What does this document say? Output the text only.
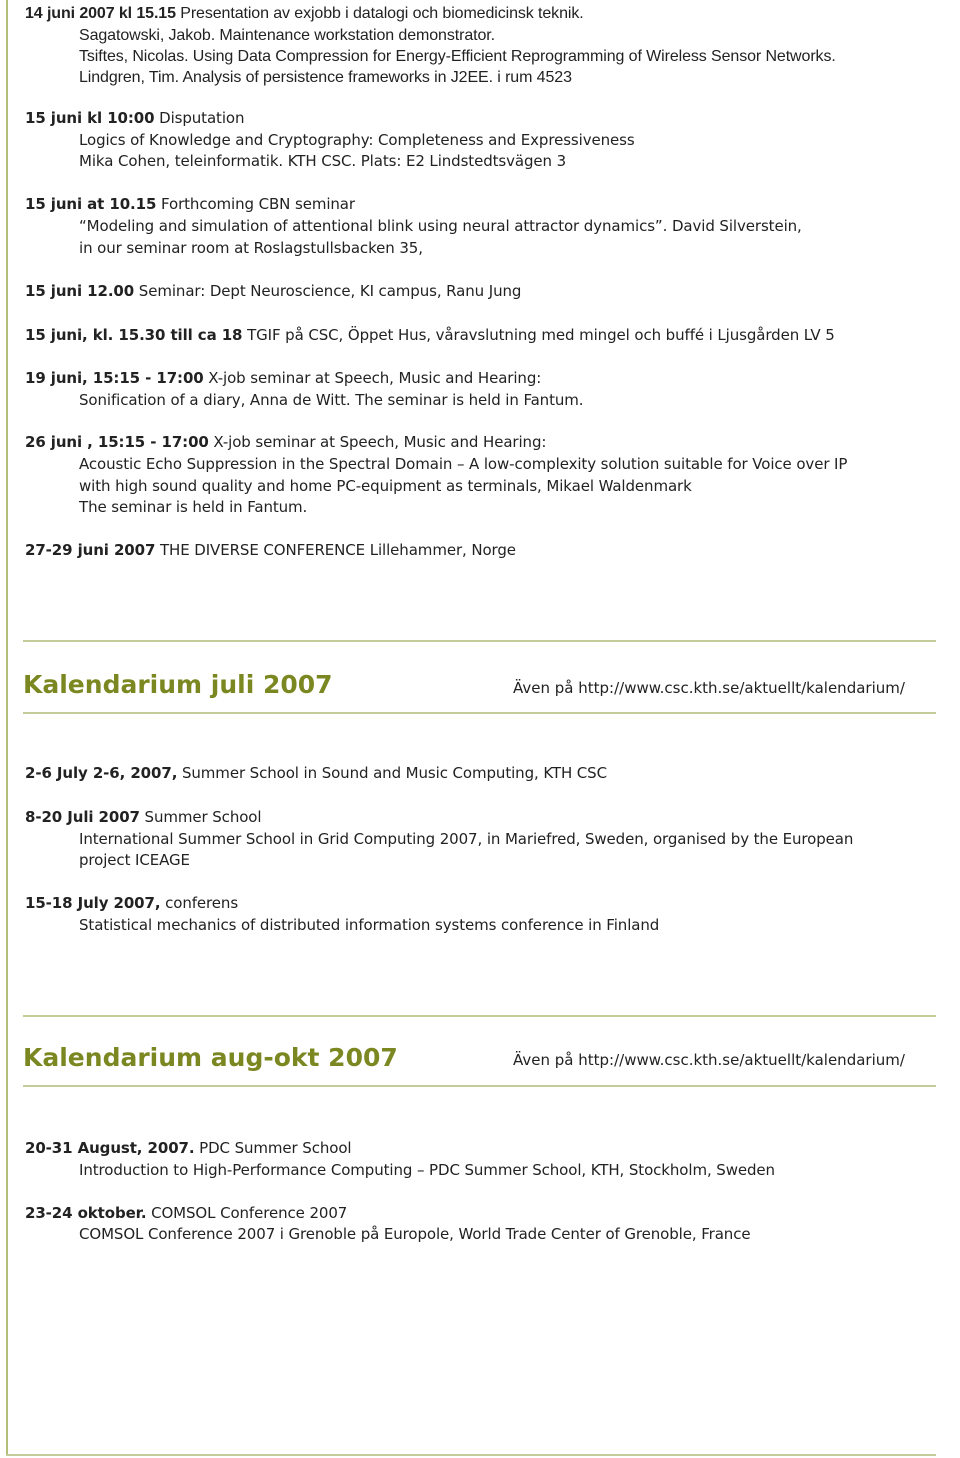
14 juni 2007 kl 15.15 Presentation av exjobb i datalogi och biomedicinsk teknik.
Sagatowski, Jakob. Maintenance workstation demonstrator.
Tsiftes, Nicolas. Using Data Compression for Energy-Efficient Reprogramming of Wireless Sensor Networks.
Lindgren, Tim. Analysis of persistence frameworks in J2EE. i rum 4523
15 juni kl 10:00 Disputation
Logics of Knowledge and Cryptography: Completeness and Expressiveness
Mika Cohen, teleinformatik. KTH CSC. Plats: E2 Lindstedtsvägen 3
15 juni at 10.15 Forthcoming CBN seminar
“Modeling and simulation of attentional blink using neural attractor dynamics”. David Silverstein,
in our seminar room at Roslagstullsbacken 35,
15 juni 12.00 Seminar: Dept Neuroscience, KI campus, Ranu Jung
15 juni, kl. 15.30 till ca 18 TGIF på CSC, Öppet Hus, våravslutning med mingel och buffé i Ljusgården LV 5
19 juni, 15:15 - 17:00 X-job seminar at Speech, Music and Hearing:
Sonification of a diary, Anna de Witt. The seminar is held in Fantum.
26 juni , 15:15 - 17:00 X-job seminar at Speech, Music and Hearing:
Acoustic Echo Suppression in the Spectral Domain – A low-complexity solution suitable for Voice over IP
with high sound quality and home PC-equipment as terminals, Mikael Waldenmark
The seminar is held in Fantum.
27-29 juni 2007 THE DIVERSE CONFERENCE Lillehammer, Norge
Kalendarium juli 2007	Även på http://www.csc.kth.se/aktuellt/kalendarium/
2-6 July 2-6, 2007, Summer School in Sound and Music Computing, KTH CSC
8-20 Juli 2007 Summer School
International Summer School in Grid Computing 2007, in Mariefred, Sweden, organised by the European
project ICEAGE
15-18 July 2007, conferens
Statistical mechanics of distributed information systems conference in Finland
Kalendarium aug-okt 2007	Även på http://www.csc.kth.se/aktuellt/kalendarium/
20-31 August, 2007. PDC Summer School
Introduction to High-Performance Computing – PDC Summer School, KTH, Stockholm, Sweden
23-24 oktober. COMSOL Conference 2007
COMSOL Conference 2007 i Grenoble på Europole, World Trade Center of Grenoble, France
